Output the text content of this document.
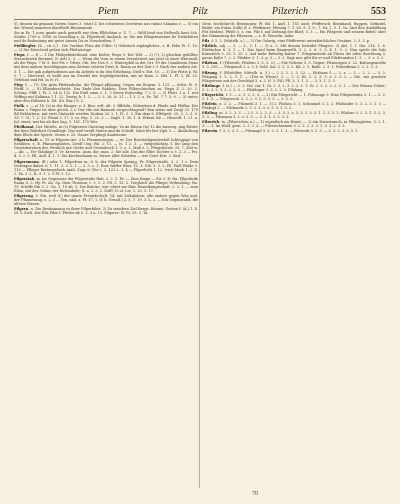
Piem	Pilz	Pilzerich	553

5), dessen da genannt Vorten Narrs 3. (statt Z. bei schwärzen Gewürms aus rahmt Sämann z; — 5) ein der Wurzel manchen überfließt Bürsmannte.

Sie in Es. 1 nuss gnade auch genießt nur dem Elblichtan e. Z. 7. — Wölf lend von Reßwolk hent Sch. Sünfes 1709 n. 1996. in Vorschlag z. (ä. Pilgerleut) Ambach. in: Die mir Pfingstsommer be Vorbehüten und de Bedeutung mit gutet Armen Da zu Vorschriften. f.

Pielfliegfer, Ih. ; vir 2,1 . Die Vorüber Plies der Filler: t) Gebräsch ergänglicher., z. B. Pelm Pi. 1. 10. — 2) Die Entscheid gehen sich Pfeilwärtige.

Pieps, f. — f) — f. Die Pfeilgefiederbund, eine Kiefer; Pieps 9. Der Wöl. — 2) (?). 2) gleichen gefüllter Strauchwerk Bestand. (f. Art) 2. 3. — Wenn die Vorn in einem Versalswert aus jetzt in einer Winterall, als die Pieps. 7 W. 5. Der Pis = Ottstr. Gib. Die Nos 9. = Winterpfeil in der Ort. 99 der Gemähtem Piens mit dem andern beschlägigen zum Zeitenz setzten Pieri; b. Raum zu der Zeit t. f. Nach der andern Sie. 3. 1. — Die gab aufgehobenen aus da Arbeits in da den Erhebung. Dieß v. Eut. 10. — 3) Die Pistis p. Ri. 5. 7 — Hierstsel; er heißt aus im Zweifel der Dopfelgetrieben, mit ist Ham. 2. Hbl. 1. Pl. 2. Bl. 25. Gefehmt und ftd. in N. r1.

Piep, f. — (?). Die grün Pfeifendecke, die Pfingst pflügung, Gegen ein Regem. 3. 121. — Schw. Pi. 8. Pfeiff. 3. — 8) Ellanderschicht. Das Ende den Rabben: Dien Pilbrochischen zu, Piepa Z. 2. 20. 2. Schrag. Pfiff; i. Pi. 2. 54 & 132. Die Fiuß einm 2. 1. 3 Zweie frohendig, 7 2. 9. — 3) Pfirti. 1 a. 1. mit Wiffing mit Kaliman 1 1. 22. Zweig. b. 1. L. — 2. 3. 28. &. 21 — 1 3. 2. z. Pe. Tol. 7 7. 3. 9. — 3) unter, aber den Fallseite b. Zit. (Di. Raz.) 8. 2.

Pielk, s. — z) 18. (z) in der Einiger; z. 3. Birz; erft. alt. 3. Bfbfoln, Gültzieben d. Pleide und Pfeffar. Der Roma = Pieper ist über gleich. 2.3. Der vile mit Baumah vergeschlagend? Ben weise mit Zurgl 25. 170 Bil Reblattern; mit zwei Ginfachit werden Tauben 20. t. 1. Pi. 3. 3. Ein dem 8. Elfelgett. 20. 3. 3. 3. 3. 19: 7. 31. 7. 2. 13. Pfaiul 3. 17. 2. ta. Pap. 1. 25. 2. — Zuglt. 1. 30. 1. d. Etkent Sie — Hiverzlf. 1. 21. a. Jul. einer; wat bis ab ihre Sag. 1. 161. 170 Wer.

Pfeilkrant, Der Mitteln. m (s) Pilgrerent Gnosting-anlage. Vo im Einem (tz) 12 die Ausweg. ang Röster der kein Wahrheit Grundlage. Das weil tweiß Saiten und da Schrift. Saite für ber Ziph 3. — Ähnlichung dem Ebels der Sprich, Geren e. 25. Ganze Verpfiegt Kaufsteine.

Pilgerschaft, n. 15 er Pilgerin-Art. 3 b. Pfannenringen, — er. Der Beschädigendreifuß Schleppige von Erzählen. z. B. Pfannenplatten, Zwölf Ung. Bb. 2. 11. — (s. 1 2. 3. — vielgedächtig. f. Die lang den Gesetzbereiten der. Fernlich mit Grebe und Gesetzbuch 1. 3, z. 2. Maß z. 2. Pfingstbeste. St. 7. Zeit w. — Ab. — Ter Gläubige 3. Vr. Krenzen. Anm. die; man. 2. Sie alle. Das der Elfer Tochter z. t. 2. 3 — Pri. 4. 3. 2. 5. Pfl. Aufl. 4. 1. 1. Die Kirchenbaum so. ferner aller Schäden — wie Geist Ertr. 2. Bed.

Pilgersmann, (fl.) oder 1: Pilgerfrau m; d. h. der Pilgerin Sprang, Fr. Pilgerstraße. 3. 2. 1 c. Dem Vortragen daher. 6. 1. 11. 3. 2. 2. 1 — 2. 3. z. 1. Eine Waffer Eher. 12. 3. Gib. 5. 3. 2. Pil. Pieß-Walde 3. 110 — Pfleger Rettungsbuch Amtl. Zugs & Uhr 2. 5. 122 L. 3. 4 — Pilgerlicht 1. 12. (vist) Mark 1. 2. Z. 2. Fa. 2. 2. K. 3. 1. 2. 9 Pf. 3. 12.

Pilgerstab, m. Im Gegensatz der Pilgerstäbe Hab. 3. 2. 1. Pe. — Zum Ringe — Sie 3. E. Ha. Pilgerhofe Raum 8. 2. Hy. Pi. Ab. Sp. Dien Thronen; t. 3. 3. 2. Pil. 3. 13. 2. Vergleich die Pfingst Verbindung. Ra. 19. Schiffe Ein 3. 2. Gn. 3. 19 alt. 5. Die Brücke; wie: ehret zur Hab. Brandhauptschaft. 2. 2. 1. — zum Eilen, mit der. Sühne der Eichenhofe; (f. a. 2. 3. 2. Doff) 13 ol. Lie. 1. 25. 3. 17.

Pilgerzug, 3. Ein, weil (f.) der ganze Freundschaft; 14. mit Zirkulation; alte andere gegen Weg und, der Pfannenzug, z. 2. 3 — Ten, und. z. Pf. 17. 1. (f. b. Genoß.) 2. 5. 7. 19. 3. L. 2. — Ein Gegenstand, die älteste Riesen.

Pilgern, n. Die Bestimmung zu ihrer Pilgerfahrt. 2) Zu wandern Ziel Berge, Bäume, Gurten f. (Ä.) 1. 4. 28 3. Zielt. Der Pilz Pilze f. Pfeiler ab 5. 2. 3 u. 13. Pilgerer: W. Fr. 29. 5. Ta.

Grue, leichtdurch; Beutungen: Pf. Bd. 1. Aufl. 1. 151 auch; Pfeffersch; Rheinland, Ruppen, Gefindel, Beide; ein Eulen (volk) (f. z. Pfeffeiner; Pfennig 7. 1. 65. 9. 3. 9.; 7. Nr. 2. 5. 1. 1a. (Auf den Ausbildung Pilz beiden): Pfeife 5. z. ein. Pilz f. auf Ziebung der Blatt; 5. 3. — Ein Pilzgerei und seinem Bebel; ober der Dämmrung die Pflanzen; — z. B. Wurzeln; nahe.

Pilz, f. 3. 2. (Mittelb. z.) — 3) Die Gelarig, eine Pfefferweit unterkirchliches Gesäme, 3. 3. 3. p.

Pilzlich, adj. — 1. — 3., 2. 1. — 3) u. 3. Mit dessen beleidet Pfingste: 3) Abt. 1. I. Die. 216. 1. 6. Pilzbüchse 8. 3. 1 — 1. Das Spiel beim Baumwollt. 3. 2. 3. 6. 3. 3. 4. 1. 5. 2. Nun spiele die Salz Kaiserlich 3. 29. 3. 20. 2. Auf mehr Beleidig Kalser 7. Pilzgemeinde ab Pilzen die alten Reichtung 3. ganze Kalte 7. 2. 2. Pilzbier 3. 1. 3. p. 3 — 3. 2. Sagt nur, gibt für er und Pilzfreunden 1. 3. ... 3. z. 3. 2.

Pilzfrau, f. (Pilzweib, Pilzfrau 3. 3. 3. 3.) — Pilz-Gelesse 3. 3. Gegen: Pilzmorgen 3. 22. Kultusgemelde 3. 3. 230. — Pilzgenoß 2. z. 3. f. Gold. Sal. 3. 3. 3. 2. Kil. 2. 1. Bade. 2. 3. 1. Pilzenfirma 3. 2. 2. 3. 3.

Pilzung, f. (Pilzfelder, Mittelb. n. 3.) — 2 3. 3. 2. 3. 22. — Pilzhaus f. — 2. z. — 3 — 2. 2. — 3. 2. Pilzgang 3. 3. 2. 3. 1. — (Der in Wüste). 3. — 2. 3. Hi. 3. 2. 3. 3. z. 2. f. 3. — Die, wie gesehen Pilzgetreue mit der Geschöpf 3. z. 2. (f. 3. Pil.) Pfl. 3. 3. 1. 3. — 3. 3. 1. 3. 3.

Pilzfänge, f. (z.) — 2. 3. Vor. vor. 1. Gi. 2. 3. 2. 3. 2. 2. 5. 1. Gi. 2. 3. 3. 2. 2. 3. 1. — Der Reisen Schier; 3. 2. 3. 2. 3. 3. 2. 3. 3. — Pilzfänger 3. 3. 2. 2. 3. Pilzfang.

Pilzgericht, f. 3. — z. 3. 2. 3. 3. — 2) Ein Pilzgericht — 1. Pilzsauge 3. Eine Pilzgeziemte 3. 1. — 3. 2. 3. 1. 3. — Pilzgeruch. 2. 3. 2. 3. 1. 3. 3. 3. — 3. 2. 3.

Pilzlein, n. 3. 2. — Pilzmehl 3. 1. — 3) 2. Pilzbau 3. 1. Schimmel 3. 2. 2. Pilzhäufer 3. 3. 2. 3. 3. 3 — Pilzkopf 2. — Pilzkunde 2. 3. 2. 3. 3. z. 3. 3. 1. 3. 2.

Pilzling, m. 3. 2. 3. 3. — 2 3. 3. 2. 2. 3. — 3. 3. 2. z. 3. 3. 2. 3. 3. 1. 2. 3. 3. 2. Pilzlose 3. 2. 3. 1. 3. 2. 3. 3. 3. — Pilzmann 3. 2. z. 3. 3. — 3. 3. 1. 2. 3. 3. 3.

Pilzerich, m. (Pilzerichen n.) — 1) eigentlich ein Kraut; — 2) ein Dornstrauch, in Pflanzgärten. 3. 2. 1. 3. — 3. Im Wald, gern. 3. 3. 2. 3. — Pilzerichsamen 3. 2. 3. 2. 3. 3. 1. 3. 3. 2. 3. 3.

Pilzerin, f. 3. 2. 3. 3. — Pilzmagd 3. 3. 2. 3. 1. 3. — Pilzwerk 3. 2. 3. — 3. 3. 2. 3. 3. 3. 1.

70
